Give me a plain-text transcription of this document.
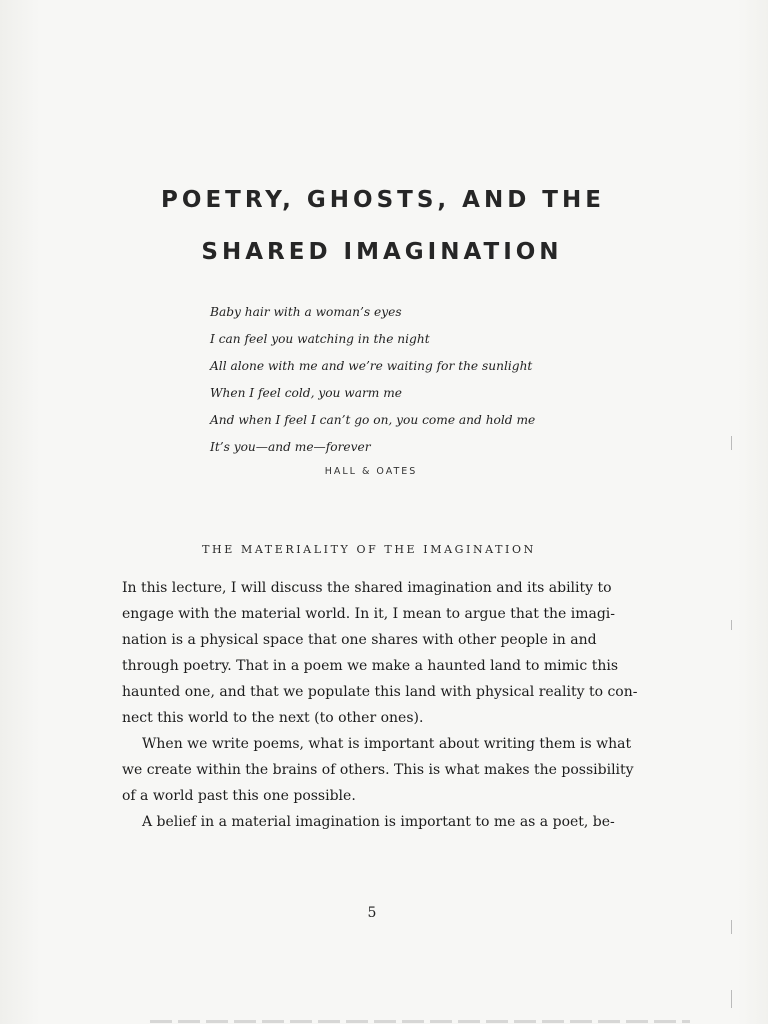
POETRY, GHOSTS, AND THE
SHARED IMAGINATION
Baby hair with a woman’s eyes
I can feel you watching in the night
All alone with me and we’re waiting for the sunlight
When I feel cold, you warm me
And when I feel I can’t go on, you come and hold me
It’s you—and me—forever
HALL & OATES
THE MATERIALITY OF THE IMAGINATION
In this lecture, I will discuss the shared imagination and its ability to
engage with the material world. In it, I mean to argue that the imagi-
nation is a physical space that one shares with other people in and
through poetry. That in a poem we make a haunted land to mimic this
haunted one, and that we populate this land with physical reality to con-
nect this world to the next (to other ones).
When we write poems, what is important about writing them is what
we create within the brains of others. This is what makes the possibility
of a world past this one possible.
A belief in a material imagination is important to me as a poet, be-
5
